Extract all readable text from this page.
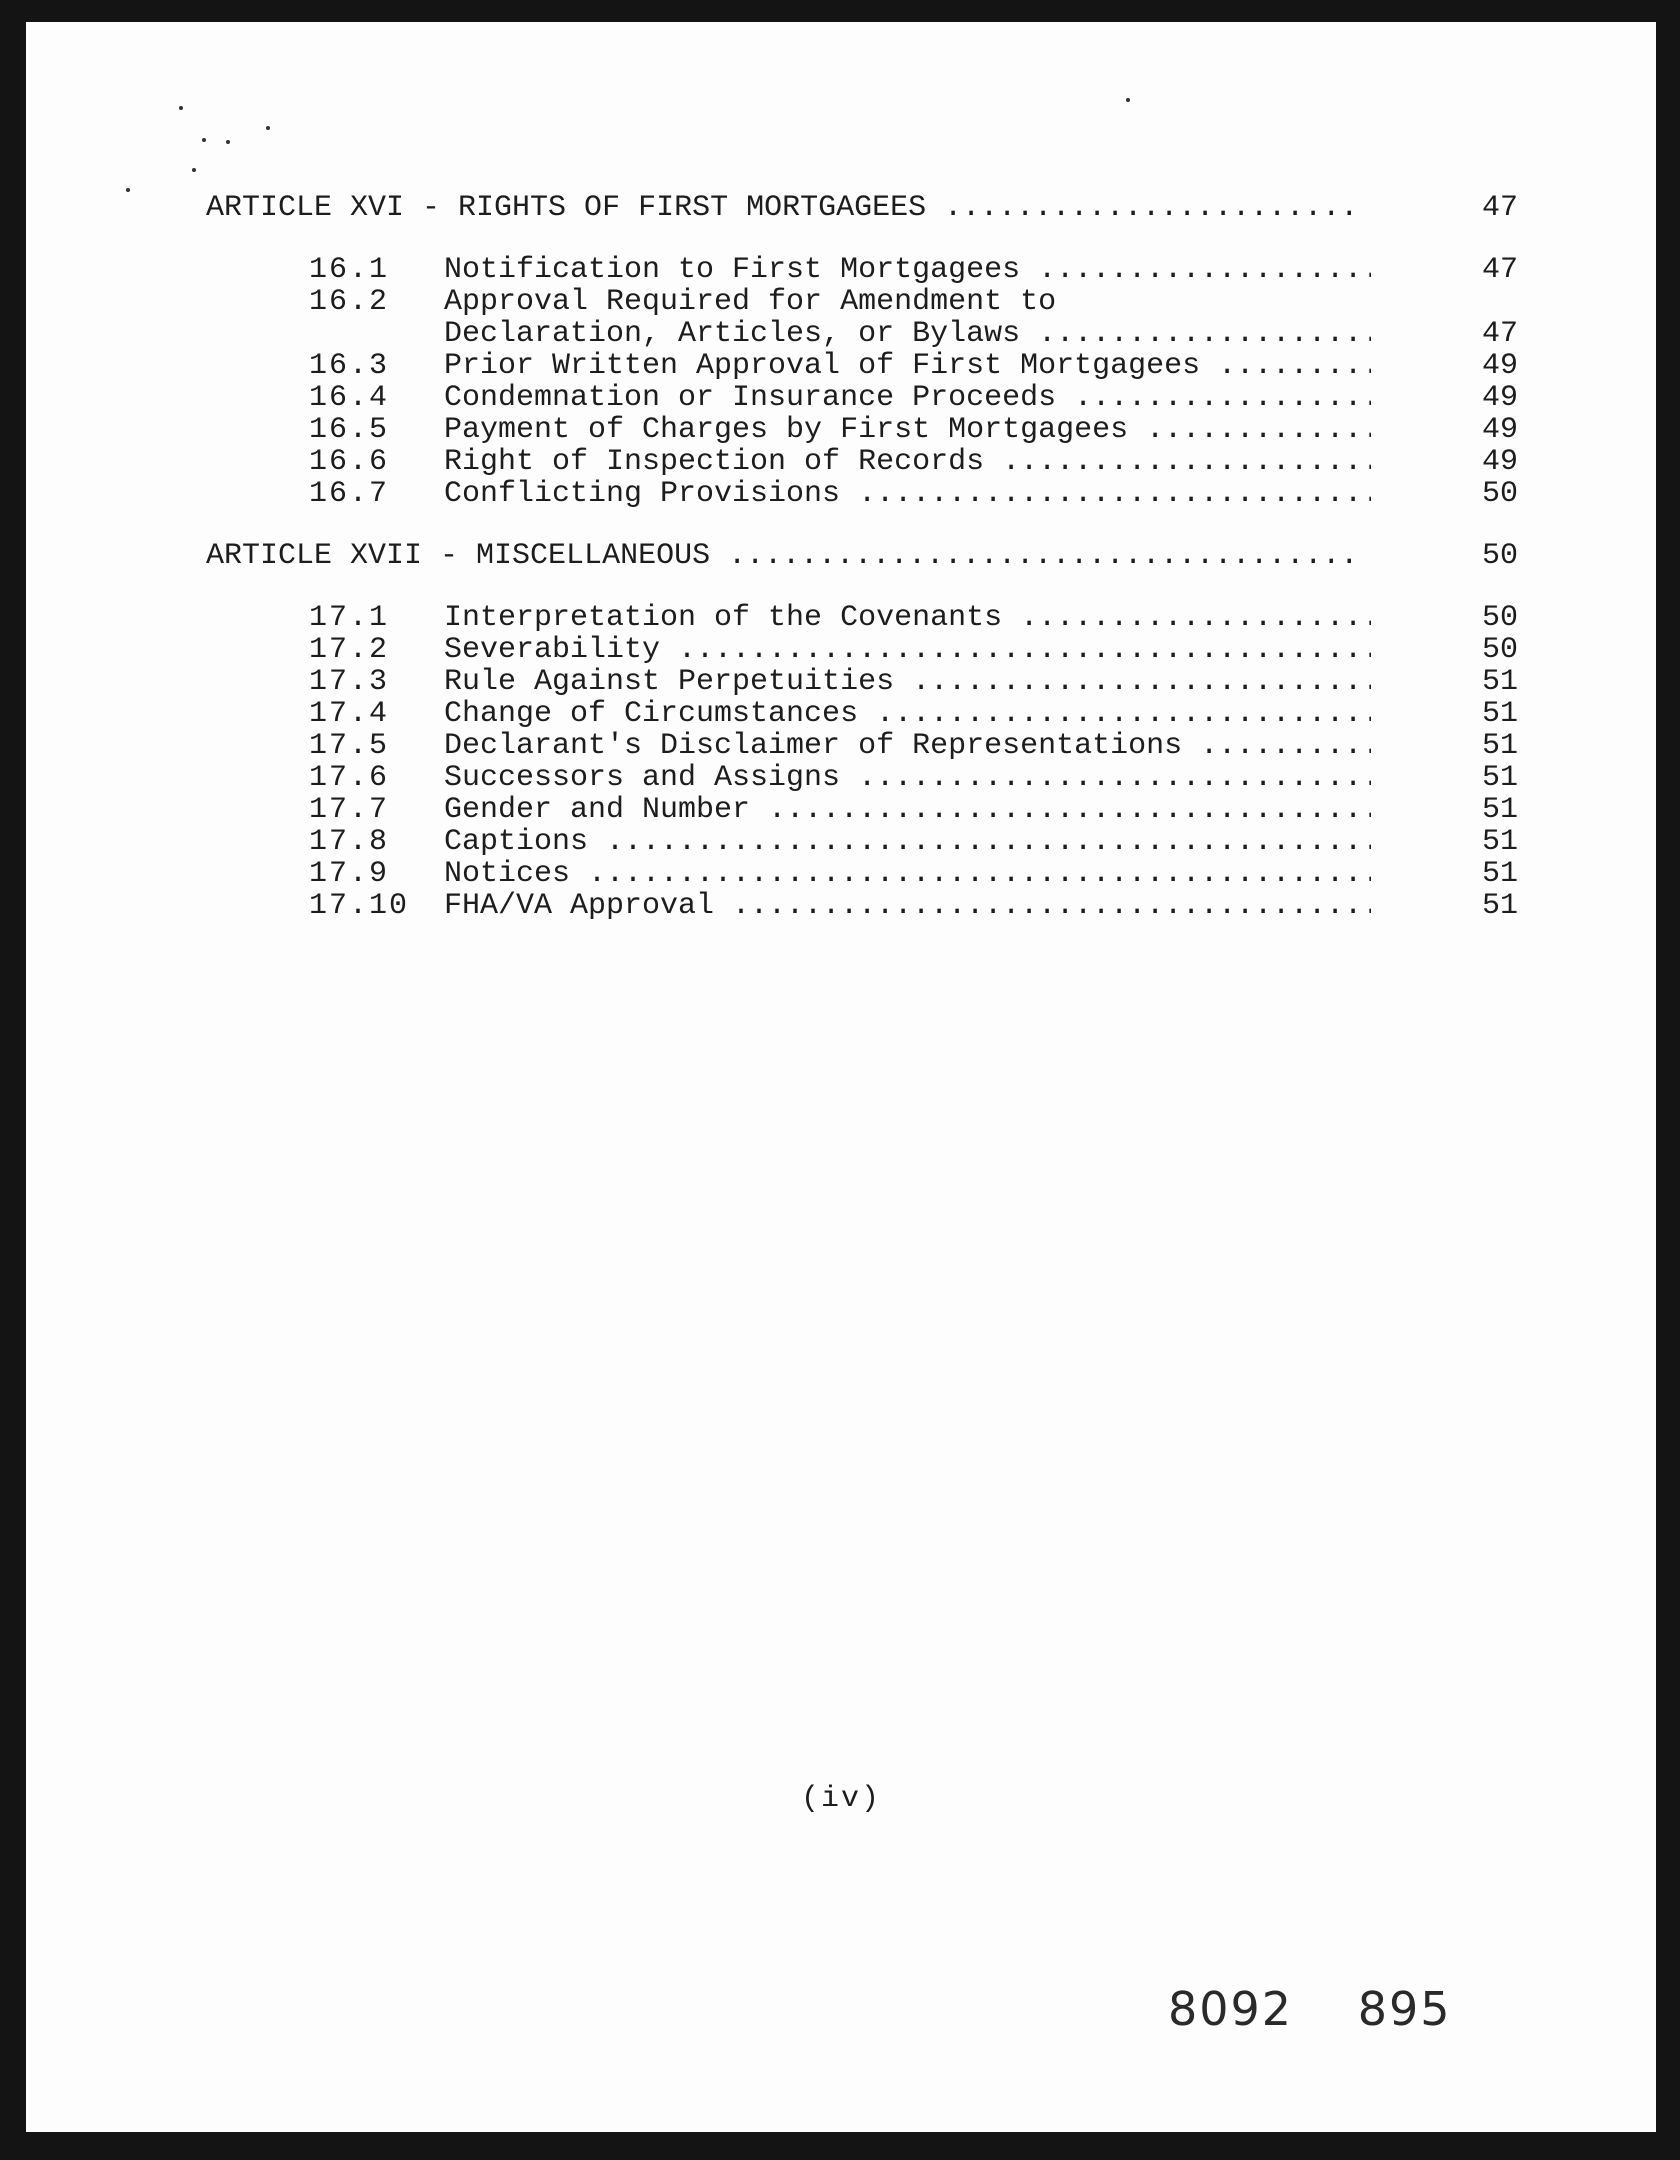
ARTICLE XVI - RIGHTS OF FIRST MORTGAGEES .....	47
16.1 Notification to First Mortgagees .....	47
16.2 Approval Required for Amendment to
Declaration, Articles, or Bylaws .....	47
16.3 Prior Written Approval of First Mortgagees .....	49
16.4 Condemnation or Insurance Proceeds .....	49
16.5 Payment of Charges by First Mortgagees .....	49
16.6 Right of Inspection of Records .....	49
16.7 Conflicting Provisions .....	50
ARTICLE XVII - MISCELLANEOUS .....	50
17.1 Interpretation of the Covenants .....	50
17.2 Severability .....	50
17.3 Rule Against Perpetuities .....	51
17.4 Change of Circumstances .....	51
17.5 Declarant's Disclaimer of Representations .....	51
17.6 Successors and Assigns .....	51
17.7 Gender and Number .....	51
17.8 Captions .....	51
17.9 Notices .....	51
17.10 FHA/VA Approval .....	51
(iv)
8092 895
